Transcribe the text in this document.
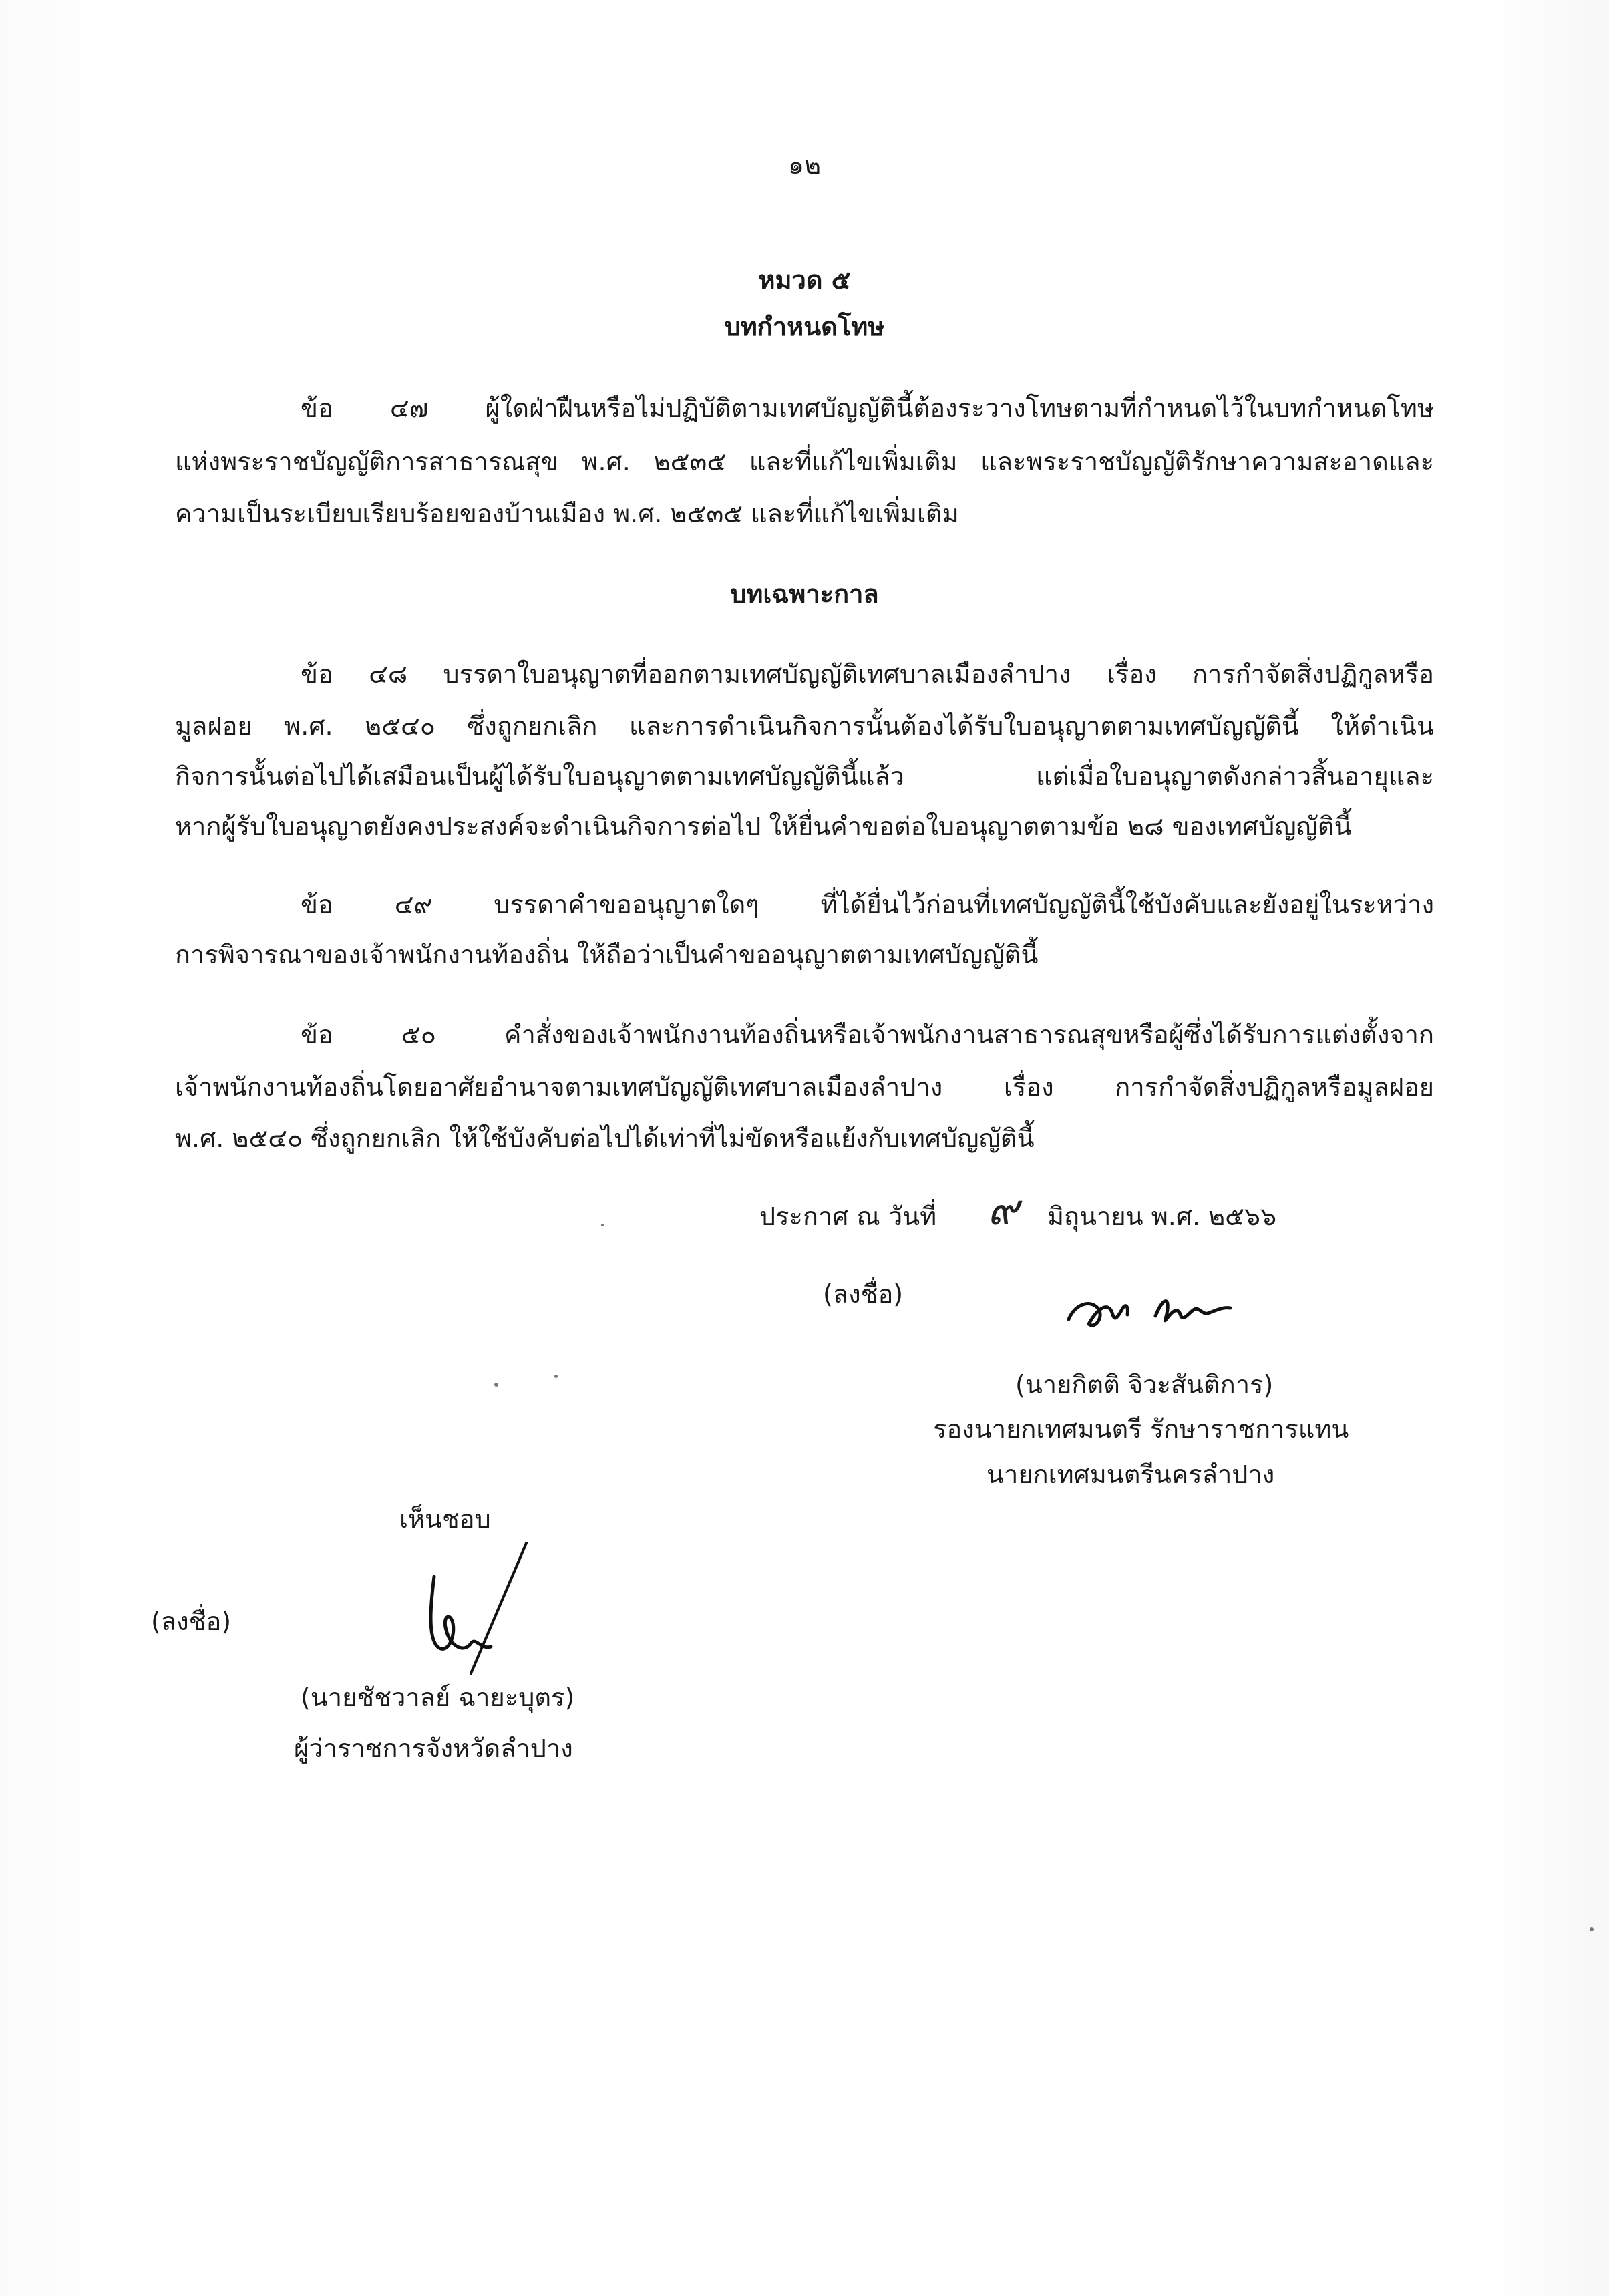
๑๒
หมวด ๕
บทกำหนดโทษ
ข้อ ๔๗ ผู้ใดฝ่าฝืนหรือไม่ปฏิบัติตามเทศบัญญัตินี้ต้องระวางโทษตามที่กำหนดไว้ในบทกำหนดโทษ
แห่งพระราชบัญญัติการสาธารณสุข พ.ศ. ๒๕๓๕ และที่แก้ไขเพิ่มเติม และพระราชบัญญัติรักษาความสะอาดและ
ความเป็นระเบียบเรียบร้อยของบ้านเมือง พ.ศ. ๒๕๓๕ และที่แก้ไขเพิ่มเติม
บทเฉพาะกาล
ข้อ ๔๘ บรรดาใบอนุญาตที่ออกตามเทศบัญญัติเทศบาลเมืองลำปาง เรื่อง การกำจัดสิ่งปฏิกูลหรือ
มูลฝอย พ.ศ. ๒๕๔๐ ซึ่งถูกยกเลิก และการดำเนินกิจการนั้นต้องได้รับใบอนุญาตตามเทศบัญญัตินี้ ให้ดำเนิน
กิจการนั้นต่อไปได้เสมือนเป็นผู้ได้รับใบอนุญาตตามเทศบัญญัตินี้แล้ว แต่เมื่อใบอนุญาตดังกล่าวสิ้นอายุและ
หากผู้รับใบอนุญาตยังคงประสงค์จะดำเนินกิจการต่อไป ให้ยื่นคำขอต่อใบอนุญาตตามข้อ ๒๘ ของเทศบัญญัตินี้
ข้อ ๔๙ บรรดาคำขออนุญาตใดๆ ที่ได้ยื่นไว้ก่อนที่เทศบัญญัตินี้ใช้บังคับและยังอยู่ในระหว่าง
การพิจารณาของเจ้าพนักงานท้องถิ่น ให้ถือว่าเป็นคำขออนุญาตตามเทศบัญญัตินี้
ข้อ ๕๐ คำสั่งของเจ้าพนักงานท้องถิ่นหรือเจ้าพนักงานสาธารณสุขหรือผู้ซึ่งได้รับการแต่งตั้งจาก
เจ้าพนักงานท้องถิ่นโดยอาศัยอำนาจตามเทศบัญญัติเทศบาลเมืองลำปาง เรื่อง การกำจัดสิ่งปฏิกูลหรือมูลฝอย
พ.ศ. ๒๕๔๐ ซึ่งถูกยกเลิก ให้ใช้บังคับต่อไปได้เท่าที่ไม่ขัดหรือแย้งกับเทศบัญญัตินี้
ประกาศ ณ วันที่ ๙ มิถุนายน พ.ศ. ๒๕๖๖
(ลงชื่อ)
(นายกิตติ จิวะสันติการ)
รองนายกเทศมนตรี รักษาราชการแทน
นายกเทศมนตรีนครลำปาง
เห็นชอบ
(ลงชื่อ)
(นายชัชวาลย์ ฉายะบุตร)
ผู้ว่าราชการจังหวัดลำปาง
